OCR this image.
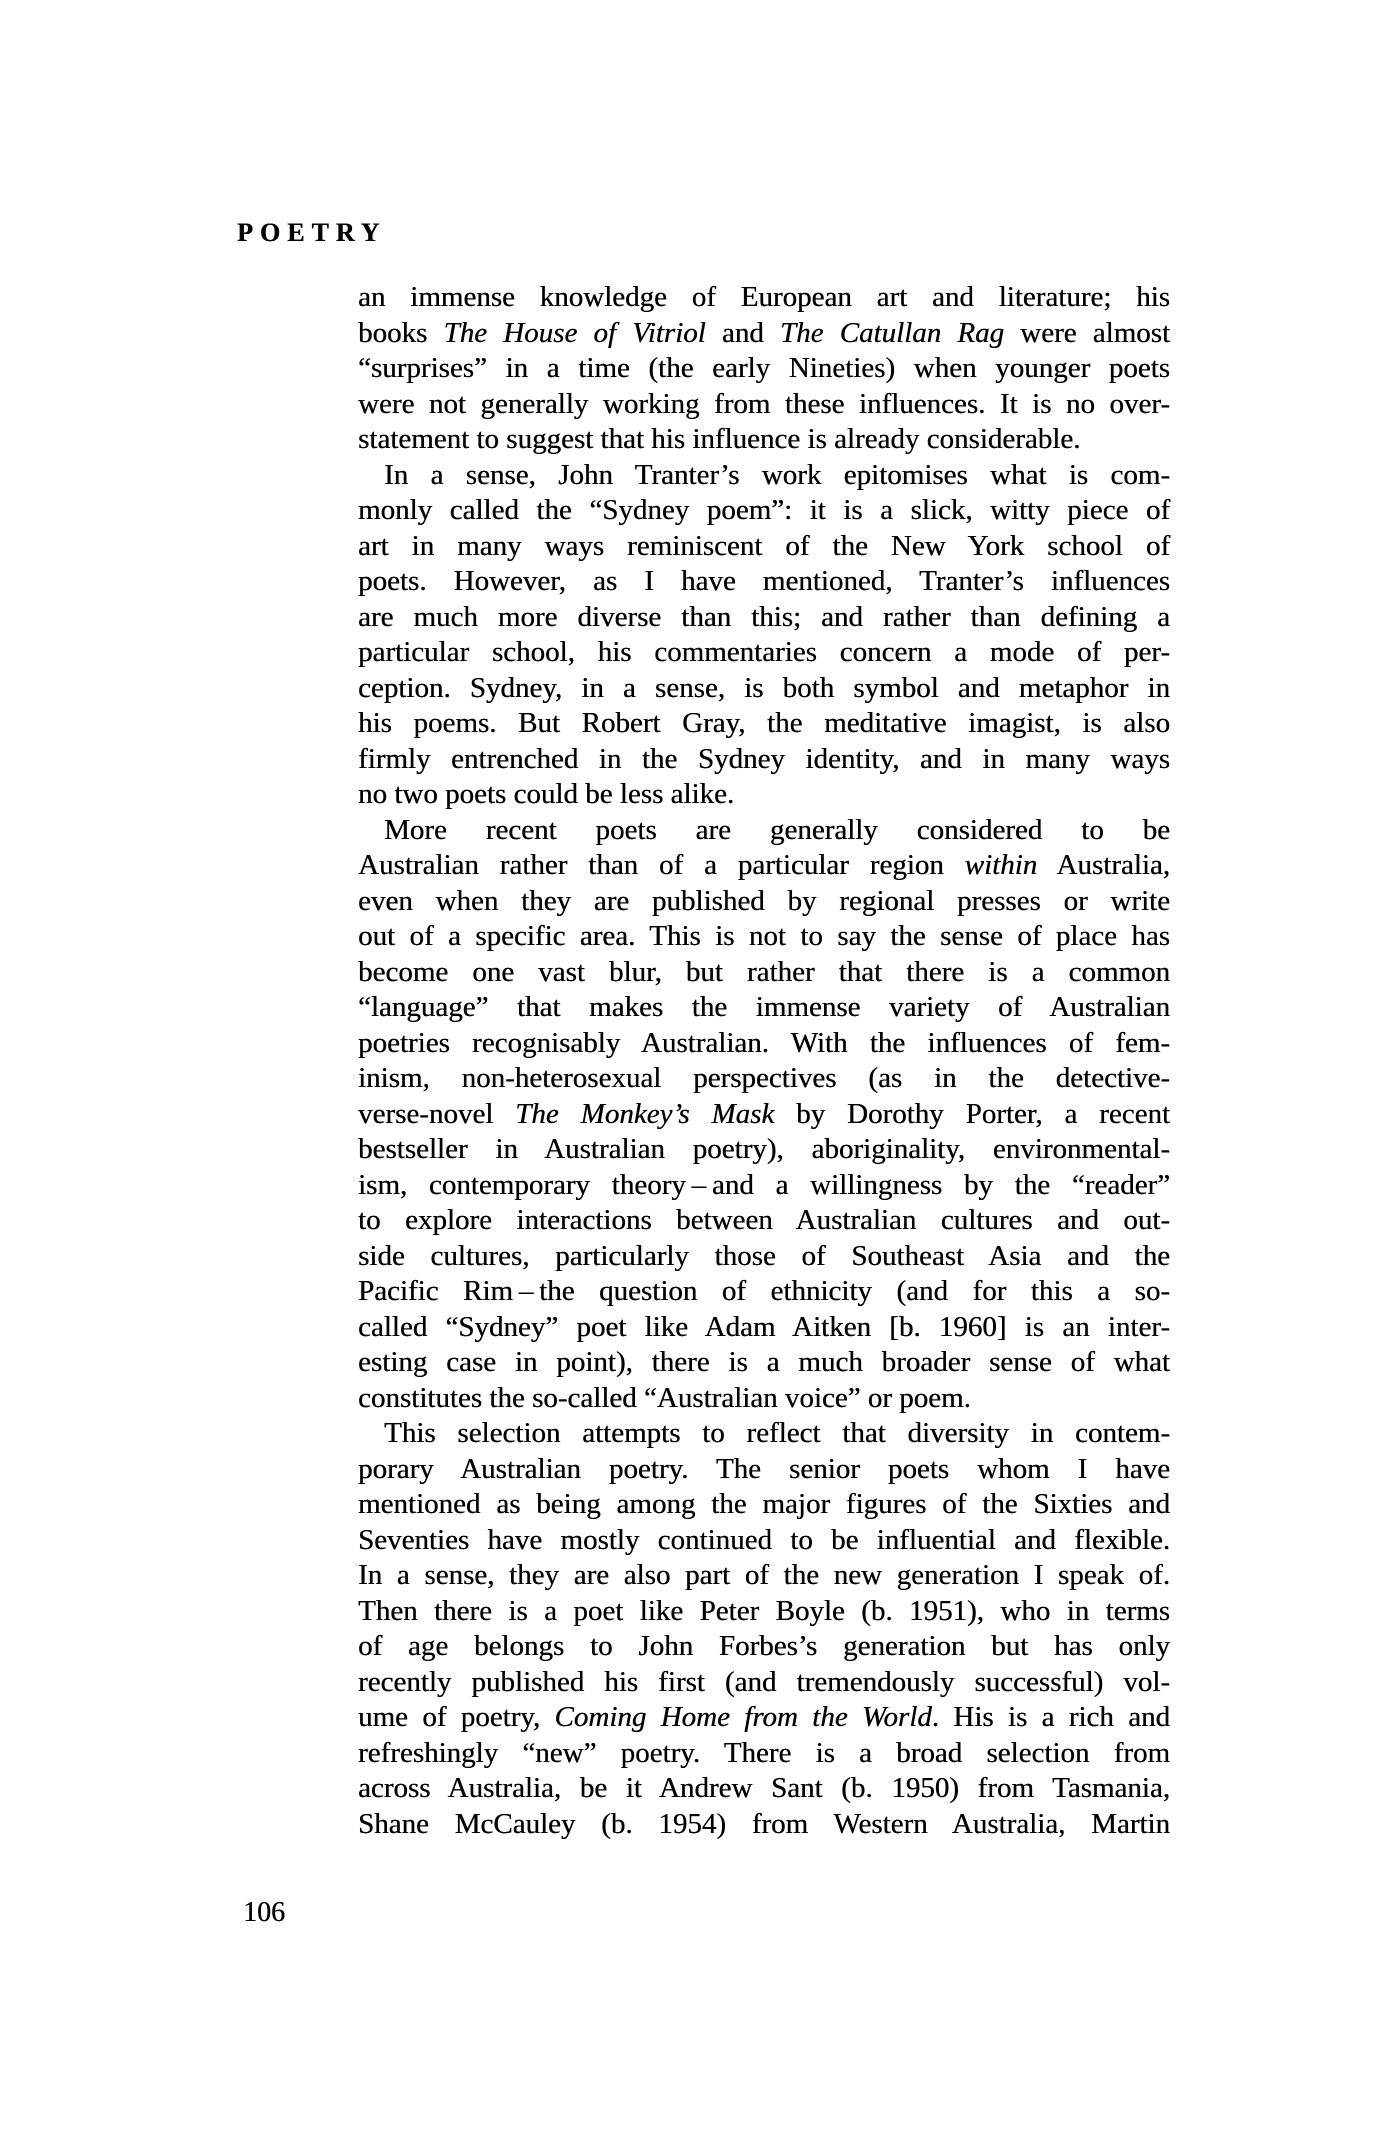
POETRY
an immense knowledge of European art and literature; his
books The House of Vitriol and The Catullan Rag were almost
“surprises” in a time (the early Nineties) when younger poets
were not generally working from these influences. It is no over-
statement to suggest that his influence is already considerable.
In a sense, John Tranter’s work epitomises what is com-
monly called the “Sydney poem”: it is a slick, witty piece of
art in many ways reminiscent of the New York school of
poets. However, as I have mentioned, Tranter’s influences
are much more diverse than this; and rather than defining a
particular school, his commentaries concern a mode of per-
ception. Sydney, in a sense, is both symbol and metaphor in
his poems. But Robert Gray, the meditative imagist, is also
firmly entrenched in the Sydney identity, and in many ways
no two poets could be less alike.
More recent poets are generally considered to be
Australian rather than of a particular region within Australia,
even when they are published by regional presses or write
out of a specific area. This is not to say the sense of place has
become one vast blur, but rather that there is a common
“language” that makes the immense variety of Australian
poetries recognisably Australian. With the influences of fem-
inism, non-heterosexual perspectives (as in the detective-
verse-novel The Monkey’s Mask by Dorothy Porter, a recent
bestseller in Australian poetry), aboriginality, environmental-
ism, contemporary theory – and a willingness by the “reader”
to explore interactions between Australian cultures and out-
side cultures, particularly those of Southeast Asia and the
Pacific Rim – the question of ethnicity (and for this a so-
called “Sydney” poet like Adam Aitken [b. 1960] is an inter-
esting case in point), there is a much broader sense of what
constitutes the so-called “Australian voice” or poem.
This selection attempts to reflect that diversity in contem-
porary Australian poetry. The senior poets whom I have
mentioned as being among the major figures of the Sixties and
Seventies have mostly continued to be influential and flexible.
In a sense, they are also part of the new generation I speak of.
Then there is a poet like Peter Boyle (b. 1951), who in terms
of age belongs to John Forbes’s generation but has only
recently published his first (and tremendously successful) vol-
ume of poetry, Coming Home from the World. His is a rich and
refreshingly “new” poetry. There is a broad selection from
across Australia, be it Andrew Sant (b. 1950) from Tasmania,
Shane McCauley (b. 1954) from Western Australia, Martin
106
